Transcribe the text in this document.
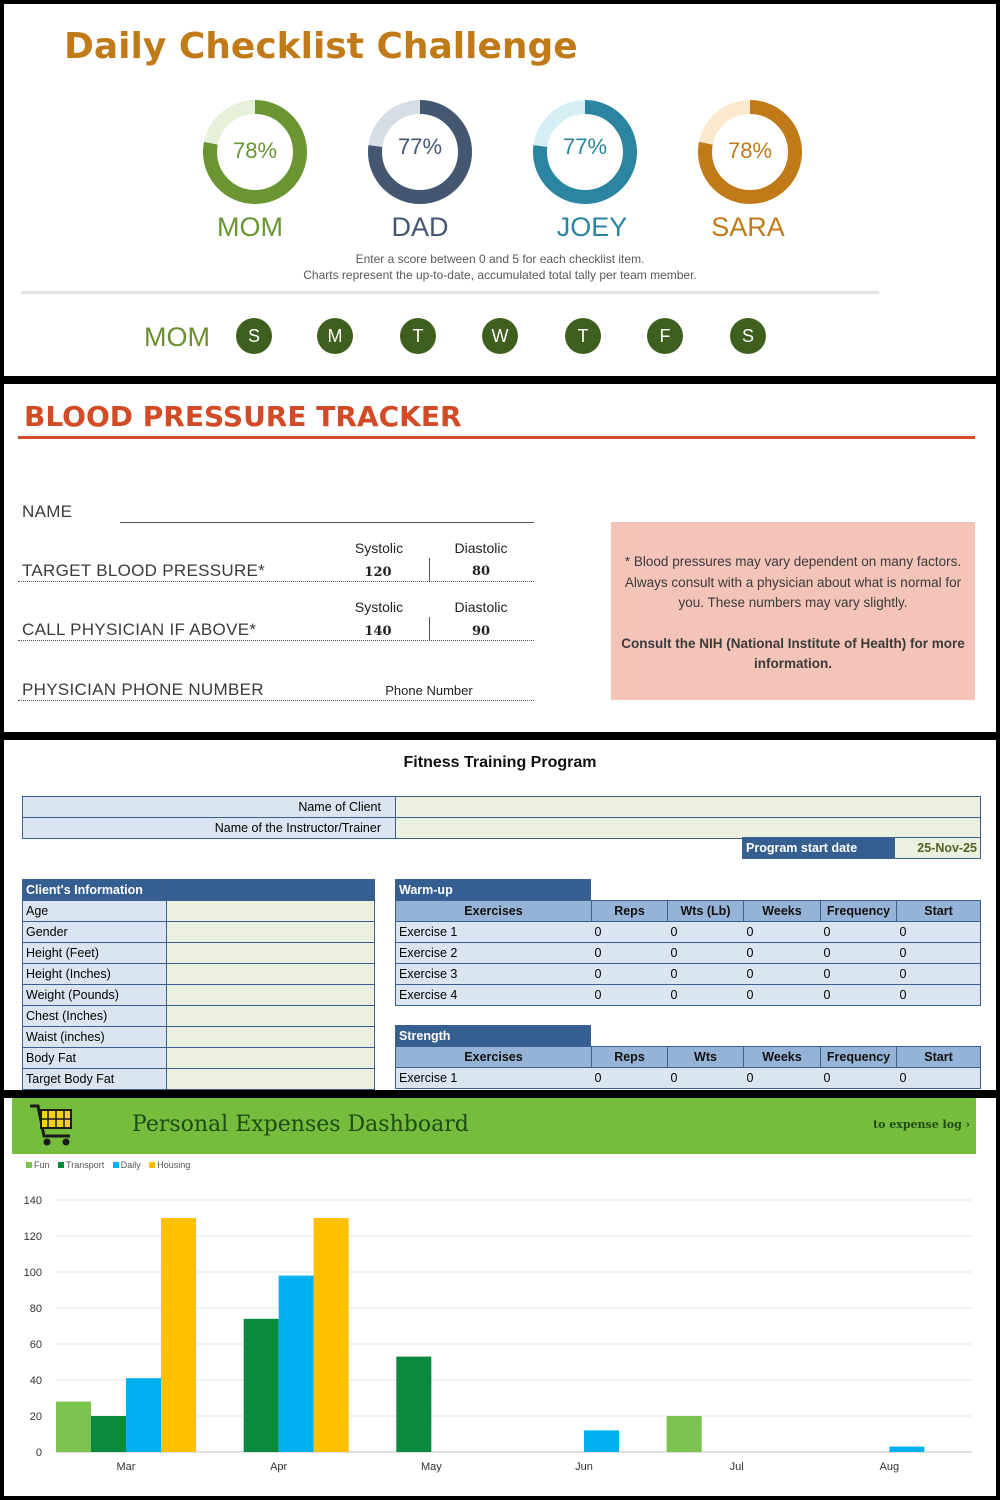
Daily Checklist Challenge
78%	77%	77%	78%
MOM	DAD	JOEY	SARA
Enter a score between 0 and 5 for each checklist item.
Charts represent the up-to-date, accumulated total tally per team member.
MOM	S	M	T	W	T	F	S
BLOOD PRESSURE TRACKER
NAME
Systolic	Diastolic
TARGET BLOOD PRESSURE*	120	80
Systolic	Diastolic
CALL PHYSICIAN IF ABOVE*	140	90
PHYSICIAN PHONE NUMBER	Phone Number
* Blood pressures may vary dependent on many factors. Always consult with a physician about what is normal for you. These numbers may vary slightly.
Consult the NIH (National Institute of Health) for more information.
Fitness Training Program
Name of Client	
Name of the Instructor/Trainer	
Program start date	25-Nov-25
Client's Information	
Age	
Gender	
Height (Feet)	
Height (Inches)	
Weight (Pounds)	
Chest (Inches)	
Waist (inches)	
Body Fat	
Target Body Fat	
Warm-up
Exercises	Reps	Wts (Lb)	Weeks	Frequency	Start
Exercise 1	0	0	0	0	0
Exercise 2	0	0	0	0	0
Exercise 3	0	0	0	0	0
Exercise 4	0	0	0	0	0
Strength
Exercises	Reps	Wts	Weeks	Frequency	Start
Exercise 1	0	0	0	0	0
Personal Expenses Dashboard	to expense log ›
Fun Transport Daily Housing
0
20
40
60
80
100
120
140
Mar	Apr	May	Jun	Jul	Aug
